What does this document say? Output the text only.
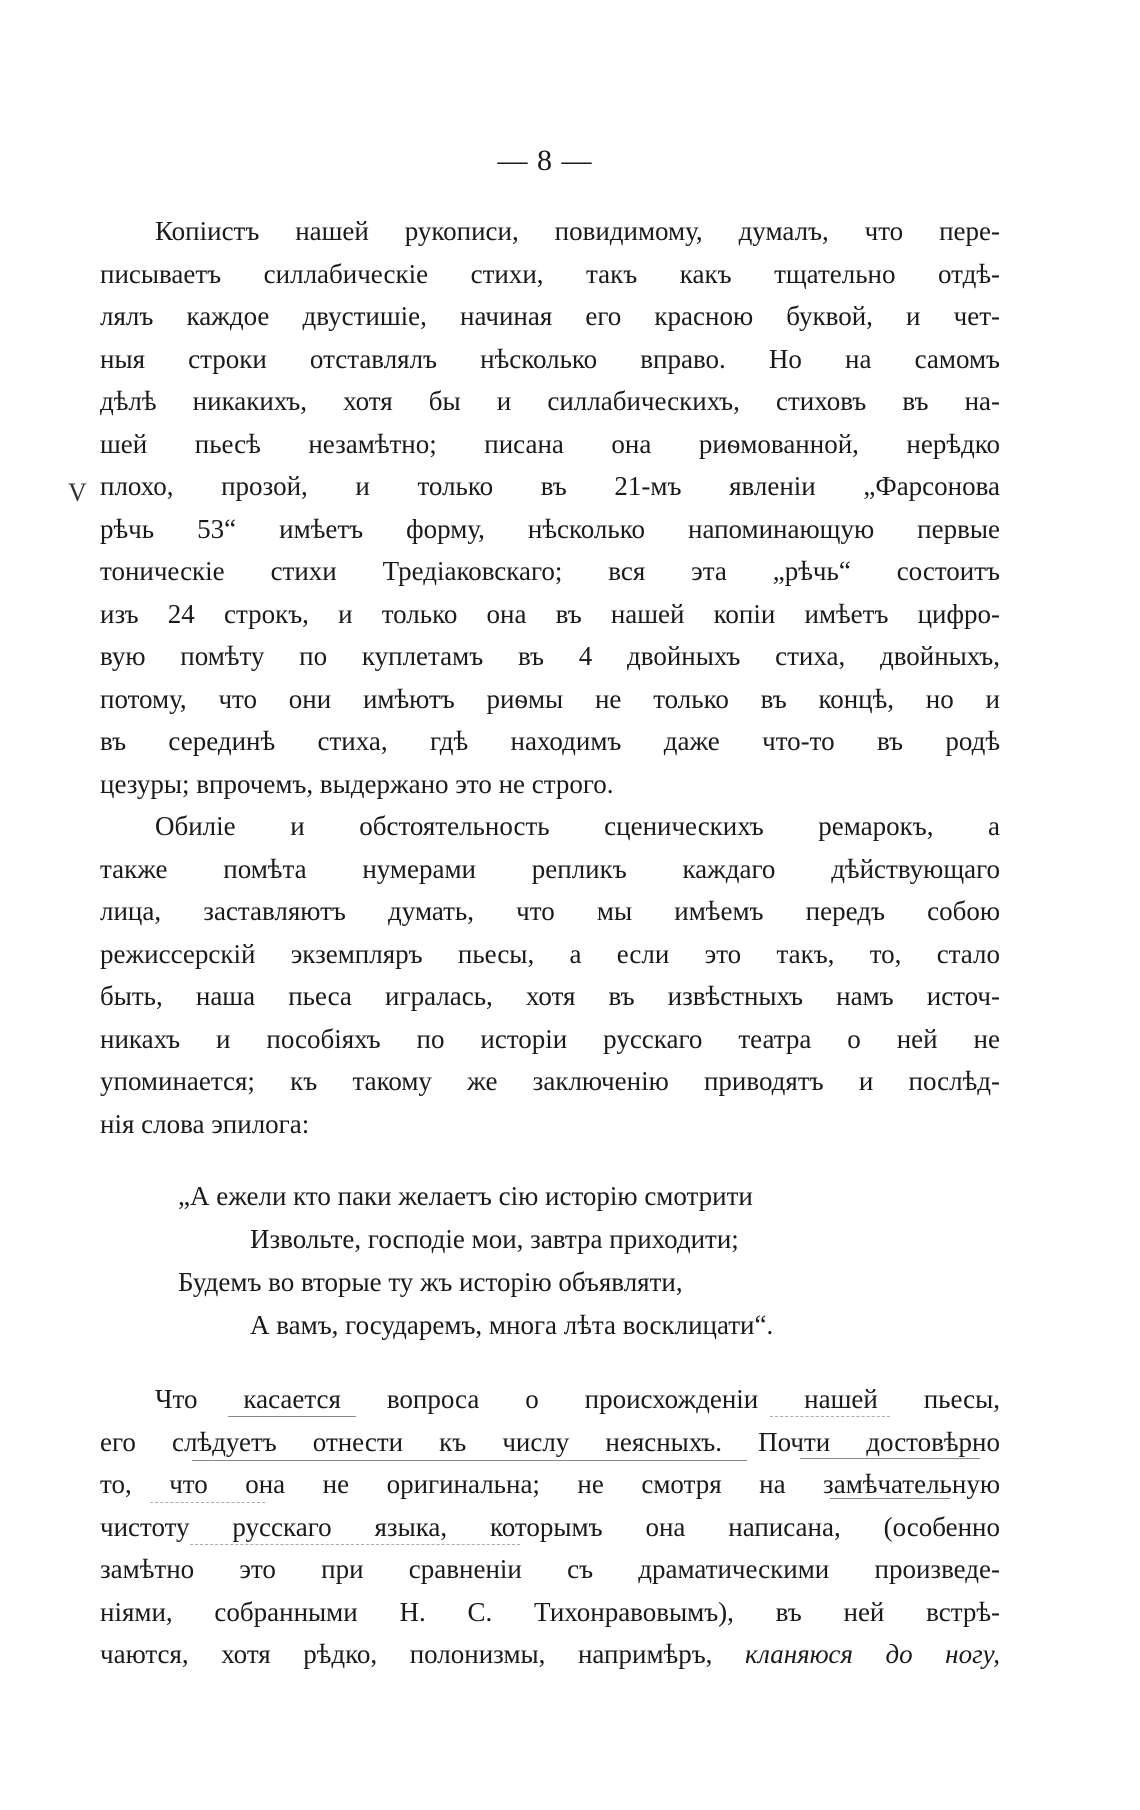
— 8 —
V
Копіистъ нашей рукописи, повидимому, думалъ, что пере-
писываетъ силлабическіе стихи, такъ какъ тщательно отдѣ-
лялъ каждое двустишіе, начиная его красною буквой, и чет-
ныя строки отставлялъ нѣсколько вправо. Но на самомъ
дѣлѣ никакихъ, хотя бы и силлабическихъ, стиховъ въ на-
шей пьесѣ незамѣтно; писана она риѳмованной, нерѣдко
плохо, прозой, и только въ 21-мъ явленіи „Фарсонова
рѣчь 53“ имѣетъ форму, нѣсколько напоминающую первые
тоническіе стихи Тредіаковскаго; вся эта „рѣчь“ состоитъ
изъ 24 строкъ, и только она въ нашей копіи имѣетъ цифро-
вую помѣту по куплетамъ въ 4 двойныхъ стиха, двойныхъ,
потому, что они имѣютъ риѳмы не только въ концѣ, но и
въ серединѣ стиха, гдѣ находимъ даже что-то въ родѣ
цезуры; впрочемъ, выдержано это не строго.
Обиліе и обстоятельность сценическихъ ремарокъ, а
также помѣта нумерами репликъ каждаго дѣйствующаго
лица, заставляютъ думать, что мы имѣемъ передъ собою
режиссерскій экземпляръ пьесы, а если это такъ, то, стало
быть, наша пьеса игралась, хотя въ извѣстныхъ намъ источ-
никахъ и пособіяхъ по исторіи русскаго театра о ней не
упоминается; къ такому же заключенію приводятъ и послѣд-
нія слова эпилога:
„А ежели кто паки желаетъ сію исторію смотрити
Извольте, господіе мои, завтра приходити;
Будемъ во вторые ту жъ исторію объявляти,
А вамъ, государемъ, многа лѣта восклицати“.
Что касается вопроса о происхожденіи нашей пьесы,
его слѣдуетъ отнести къ числу неясныхъ. Почти достовѣрно
то, что она не оригинальна; не смотря на замѣчательную
чистоту русскаго языка, которымъ она написана, (особенно
замѣтно это при сравненіи съ драматическими произведе-
ніями, собранными Н. С. Тихонравовымъ), въ ней встрѣ-
чаются, хотя рѣдко, полонизмы, напримѣръ, кланяюся до ногу,
